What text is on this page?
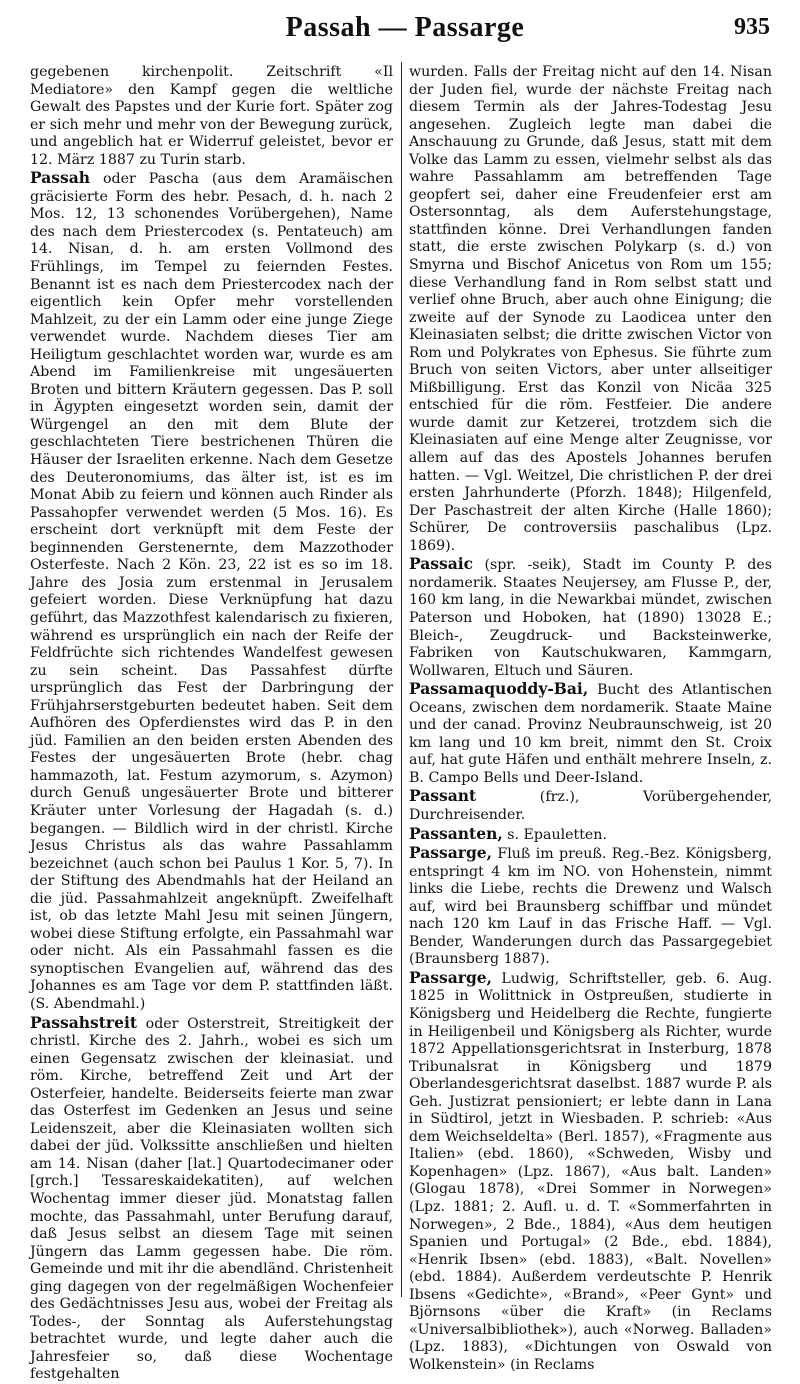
Passah — Passarge	935

gegebenen kirchenpolit. Zeitschrift «Il Mediatore» den Kampf gegen die weltliche Gewalt des Papstes und der Kurie fort. Später zog er sich mehr und mehr von der Bewegung zurück, und angeblich hat er Widerruf geleistet, bevor er 12. März 1887 zu Turin starb.

Passah oder Pascha (aus dem Aramäischen gräcisierte Form des hebr. Pesach, d. h. nach 2 Mos. 12, 13 schonendes Vorübergehen), Name des nach dem Priestercodex (s. Pentateuch) am 14. Nisan, d. h. am ersten Vollmond des Frühlings, im Tempel zu feiernden Festes. Benannt ist es nach dem Priestercodex nach der eigentlich kein Opfer mehr vorstellenden Mahlzeit, zu der ein Lamm oder eine junge Ziege verwendet wurde. Nachdem dieses Tier am Heiligtum geschlachtet worden war, wurde es am Abend im Familienkreise mit ungesäuerten Broten und bittern Kräutern gegessen. Das P. soll in Ägypten eingesetzt worden sein, damit der Würgengel an den mit dem Blute der geschlachteten Tiere bestrichenen Thüren die Häuser der Israeliten erkenne. Nach dem Gesetze des Deuteronomiums, das älter ist, ist es im Monat Abib zu feiern und können auch Rinder als Passahopfer verwendet werden (5 Mos. 16). Es erscheint dort verknüpft mit dem Feste der beginnenden Gerstenernte, dem Mazzothoder Osterfeste. Nach 2 Kön. 23, 22 ist es so im 18. Jahre des Josia zum erstenmal in Jerusalem gefeiert worden. Diese Verknüpfung hat dazu geführt, das Mazzothfest kalendarisch zu fixieren, während es ursprünglich ein nach der Reife der Feldfrüchte sich richtendes Wandelfest gewesen zu sein scheint. Das Passahfest dürfte ursprünglich das Fest der Darbringung der Frühjahrserstgeburten bedeutet haben. Seit dem Aufhören des Opferdienstes wird das P. in den jüd. Familien an den beiden ersten Abenden des Festes der ungesäuerten Brote (hebr. chag hammazoth, lat. Festum azymorum, s. Azymon) durch Genuß ungesäuerter Brote und bitterer Kräuter unter Vorlesung der Hagadah (s. d.) begangen. — Bildlich wird in der christl. Kirche Jesus Christus als das wahre Passahlamm bezeichnet (auch schon bei Paulus 1 Kor. 5, 7). In der Stiftung des Abendmahls hat der Heiland an die jüd. Passahmahlzeit angeknüpft. Zweifelhaft ist, ob das letzte Mahl Jesu mit seinen Jüngern, wobei diese Stiftung erfolgte, ein Passahmahl war oder nicht. Als ein Passahmahl fassen es die synoptischen Evangelien auf, während das des Johannes es am Tage vor dem P. stattfinden läßt. (S. Abendmahl.)

Passahstreit oder Osterstreit, Streitigkeit der christl. Kirche des 2. Jahrh., wobei es sich um einen Gegensatz zwischen der kleinasiat. und röm. Kirche, betreffend Zeit und Art der Osterfeier, handelte. Beiderseits feierte man zwar das Osterfest im Gedenken an Jesus und seine Leidenszeit, aber die Kleinasiaten wollten sich dabei der jüd. Volkssitte anschließen und hielten am 14. Nisan (daher [lat.] Quartodecimaner oder [grch.] Tessareskaidekatiten), auf welchen Wochentag immer dieser jüd. Monatstag fallen mochte, das Passahmahl, unter Berufung darauf, daß Jesus selbst an diesem Tage mit seinen Jüngern das Lamm gegessen habe. Die röm. Gemeinde und mit ihr die abendländ. Christenheit ging dagegen von der regelmäßigen Wochenfeier des Gedächtnisses Jesu aus, wobei der Freitag als Todes-, der Sonntag als Auferstehungstag betrachtet wurde, und legte daher auch die Jahresfeier so, daß diese Wochentage festgehalten

wurden. Falls der Freitag nicht auf den 14. Nisan der Juden fiel, wurde der nächste Freitag nach diesem Termin als der Jahres-Todestag Jesu angesehen. Zugleich legte man dabei die Anschauung zu Grunde, daß Jesus, statt mit dem Volke das Lamm zu essen, vielmehr selbst als das wahre Passahlamm am betreffenden Tage geopfert sei, daher eine Freudenfeier erst am Ostersonntag, als dem Auferstehungstage, stattfinden könne. Drei Verhandlungen fanden statt, die erste zwischen Polykarp (s. d.) von Smyrna und Bischof Anicetus von Rom um 155; diese Verhandlung fand in Rom selbst statt und verlief ohne Bruch, aber auch ohne Einigung; die zweite auf der Synode zu Laodicea unter den Kleinasiaten selbst; die dritte zwischen Victor von Rom und Polykrates von Ephesus. Sie führte zum Bruch von seiten Victors, aber unter allseitiger Mißbilligung. Erst das Konzil von Nicäa 325 entschied für die röm. Festfeier. Die andere wurde damit zur Ketzerei, trotzdem sich die Kleinasiaten auf eine Menge alter Zeugnisse, vor allem auf das des Apostels Johannes berufen hatten. — Vgl. Weitzel, Die christlichen P. der drei ersten Jahrhunderte (Pforzh. 1848); Hilgenfeld, Der Paschastreit der alten Kirche (Halle 1860); Schürer, De controversiis paschalibus (Lpz. 1869).

Passaic (spr. -seik), Stadt im County P. des nordamerik. Staates Neujersey, am Flusse P., der, 160 km lang, in die Newarkbai mündet, zwischen Paterson und Hoboken, hat (1890) 13028 E.; Bleich-, Zeugdruck- und Backsteinwerke, Fabriken von Kautschukwaren, Kammgarn, Wollwaren, Eltuch und Säuren.

Passamaquoddy-Bai, Bucht des Atlantischen Oceans, zwischen dem nordamerik. Staate Maine und der canad. Provinz Neubraunschweig, ist 20 km lang und 10 km breit, nimmt den St. Croix auf, hat gute Häfen und enthält mehrere Inseln, z. B. Campo Bells und Deer-Island.

Passant (frz.), Vorübergehender, Durchreisender.

Passanten, s. Epauletten.

Passarge, Fluß im preuß. Reg.-Bez. Königsberg, entspringt 4 km im NO. von Hohenstein, nimmt links die Liebe, rechts die Drewenz und Walsch auf, wird bei Braunsberg schiffbar und mündet nach 120 km Lauf in das Frische Haff. — Vgl. Bender, Wanderungen durch das Passargegebiet (Braunsberg 1887).

Passarge, Ludwig, Schriftsteller, geb. 6. Aug. 1825 in Wolittnick in Ostpreußen, studierte in Königsberg und Heidelberg die Rechte, fungierte in Heiligenbeil und Königsberg als Richter, wurde 1872 Appellationsgerichtsrat in Insterburg, 1878 Tribunalsrat in Königsberg und 1879 Oberlandesgerichtsrat daselbst. 1887 wurde P. als Geh. Justizrat pensioniert; er lebte dann in Lana in Südtirol, jetzt in Wiesbaden. P. schrieb: «Aus dem Weichseldelta» (Berl. 1857), «Fragmente aus Italien» (ebd. 1860), «Schweden, Wisby und Kopenhagen» (Lpz. 1867), «Aus balt. Landen» (Glogau 1878), «Drei Sommer in Norwegen» (Lpz. 1881; 2. Aufl. u. d. T. «Sommerfahrten in Norwegen», 2 Bde., 1884), «Aus dem heutigen Spanien und Portugal» (2 Bde., ebd. 1884), «Henrik Ibsen» (ebd. 1883), «Balt. Novellen» (ebd. 1884). Außerdem verdeutschte P. Henrik Ibsens «Gedichte», «Brand», «Peer Gynt» und Björnsons «über die Kraft» (in Reclams «Universalbibliothek»), auch «Norweg. Balladen» (Lpz. 1883), «Dichtungen von Oswald von Wolkenstein» (in Reclams
